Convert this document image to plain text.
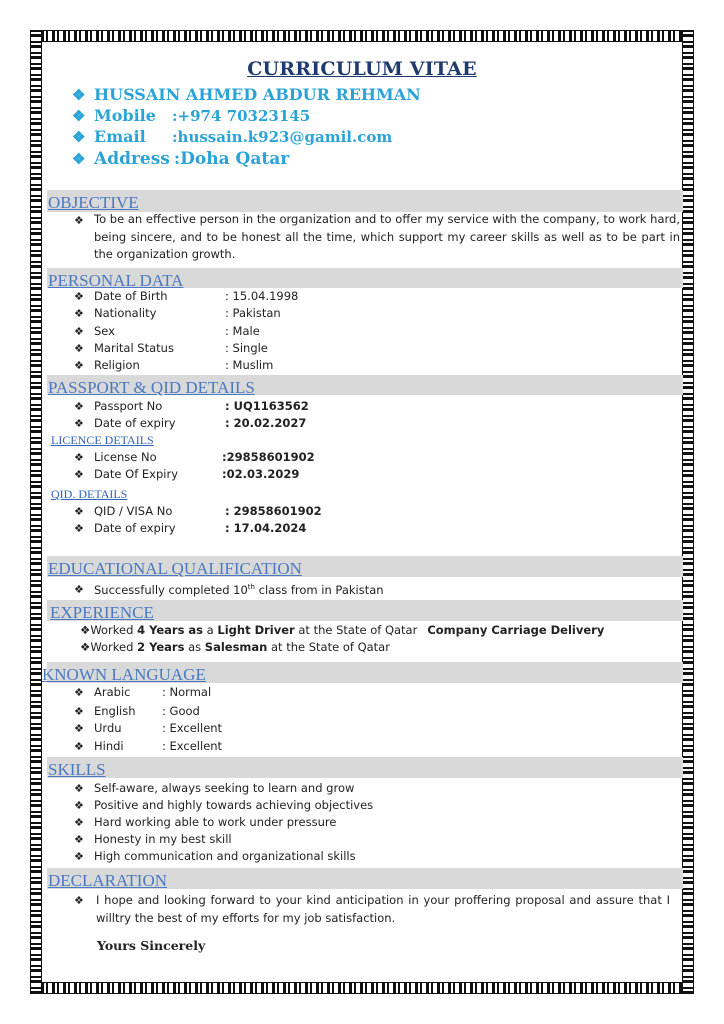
CURRICULUM VITAE
❖ HUSSAIN AHMED ABDUR REHMAN
❖ Mobile	: +974 70323145
❖ Email	: hussain.k923@gamil.com
❖ Address : Doha Qatar
OBJECTIVE
❖ To be an effective person in the organization and to offer my service with the company, to work hard, being sincere, and to be honest all the time, which support my career skills as well as to be part in the organization growth.
PERSONAL DATA
❖ Date of Birth	: 15.04.1998
❖ Nationality	: Pakistan
❖ Sex	: Male
❖ Marital Status	: Single
❖ Religion	: Muslim
PASSPORT & QID DETAILS
❖ Passport No	: UQ1163562
❖ Date of expiry	: 20.02.2027
LICENCE DETAILS
❖ License No	:29858601902
❖ Date Of Expiry	:02.03.2029
QID. DETAILS
❖ QID / VISA No	: 29858601902
❖ Date of expiry	: 17.04.2024
EDUCATIONAL QUALIFICATION
❖ Successfully completed 10th class from in Pakistan
EXPERIENCE
❖Worked 4 Years as a Light Driver at the State of Qatar Company Carriage Delivery
❖Worked 2 Years as Salesman at the State of Qatar
KNOWN LANGUAGE
❖ Arabic	: Normal
❖ English : Good
❖ Urdu	: Excellent
❖ Hindi	: Excellent
SKILLS
❖ Self-aware, always seeking to learn and grow
❖ Positive and highly towards achieving objectives
❖ Hard working able to work under pressure
❖ Honesty in my best skill
❖ High communication and organizational skills
DECLARATION
❖ I hope and looking forward to your kind anticipation in your proffering proposal and assure that I willtry the best of my efforts for my job satisfaction.
Yours Sincerely
